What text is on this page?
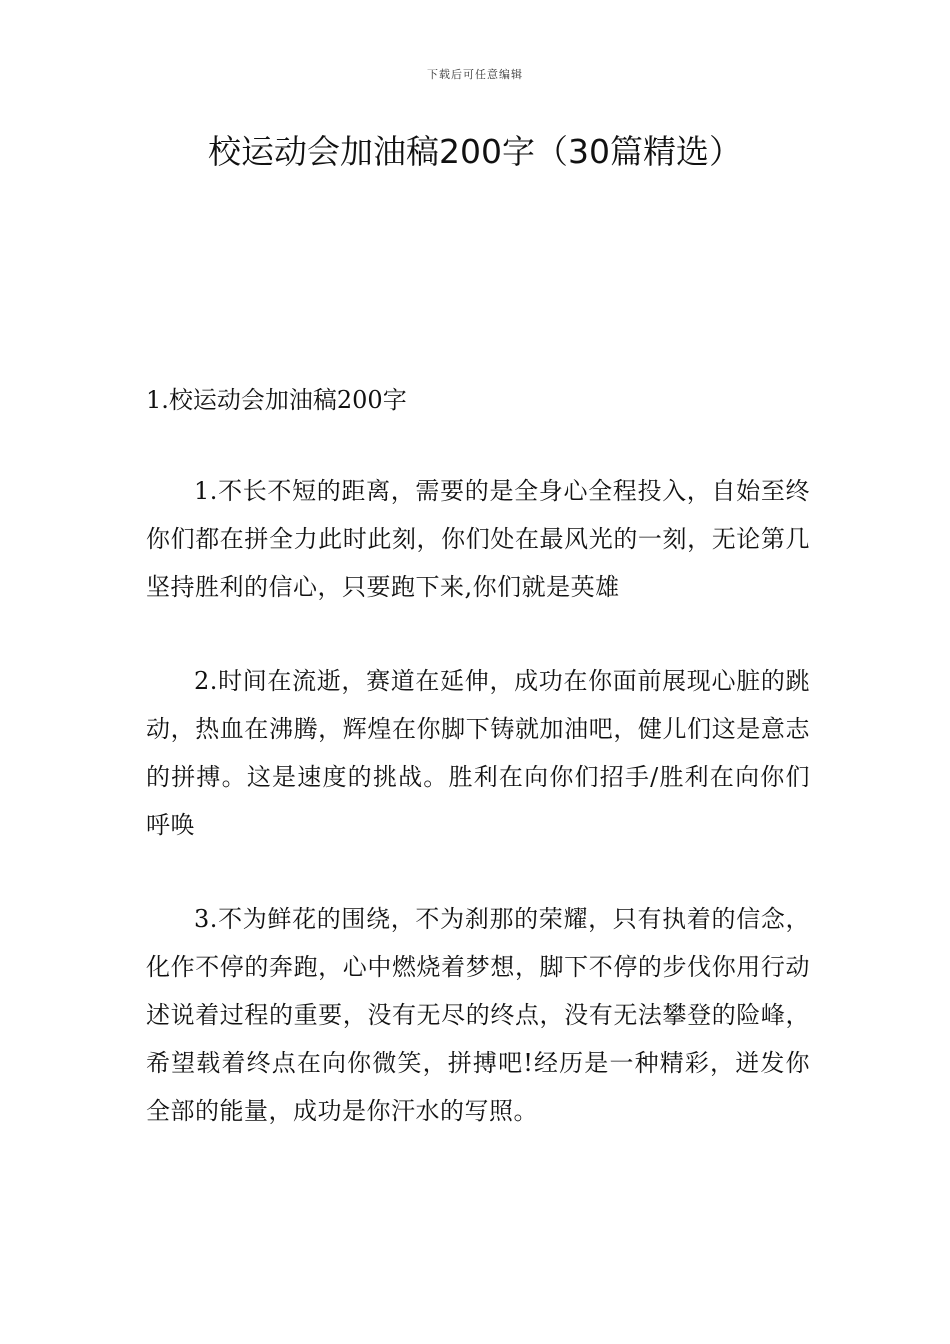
下载后可任意编辑
校运动会加油稿200字（30篇精选）

1.校运动会加油稿200字

1.不长不短的距离，需要的是全身心全程投入，自始至终你们都在拼全力此时此刻，你们处在最风光的一刻，无论第几坚持胜利的信心，只要跑下来,你们就是英雄

2.时间在流逝，赛道在延伸，成功在你面前展现心脏的跳动，热血在沸腾，辉煌在你脚下铸就加油吧，健儿们这是意志的拼搏。这是速度的挑战。胜利在向你们招手/胜利在向你们呼唤

3.不为鲜花的围绕，不为刹那的荣耀，只有执着的信念，化作不停的奔跑，心中燃烧着梦想，脚下不停的步伐你用行动述说着过程的重要，没有无尽的终点，没有无法攀登的险峰，希望载着终点在向你微笑，拼搏吧!经历是一种精彩，迸发你全部的能量，成功是你汗水的写照。
